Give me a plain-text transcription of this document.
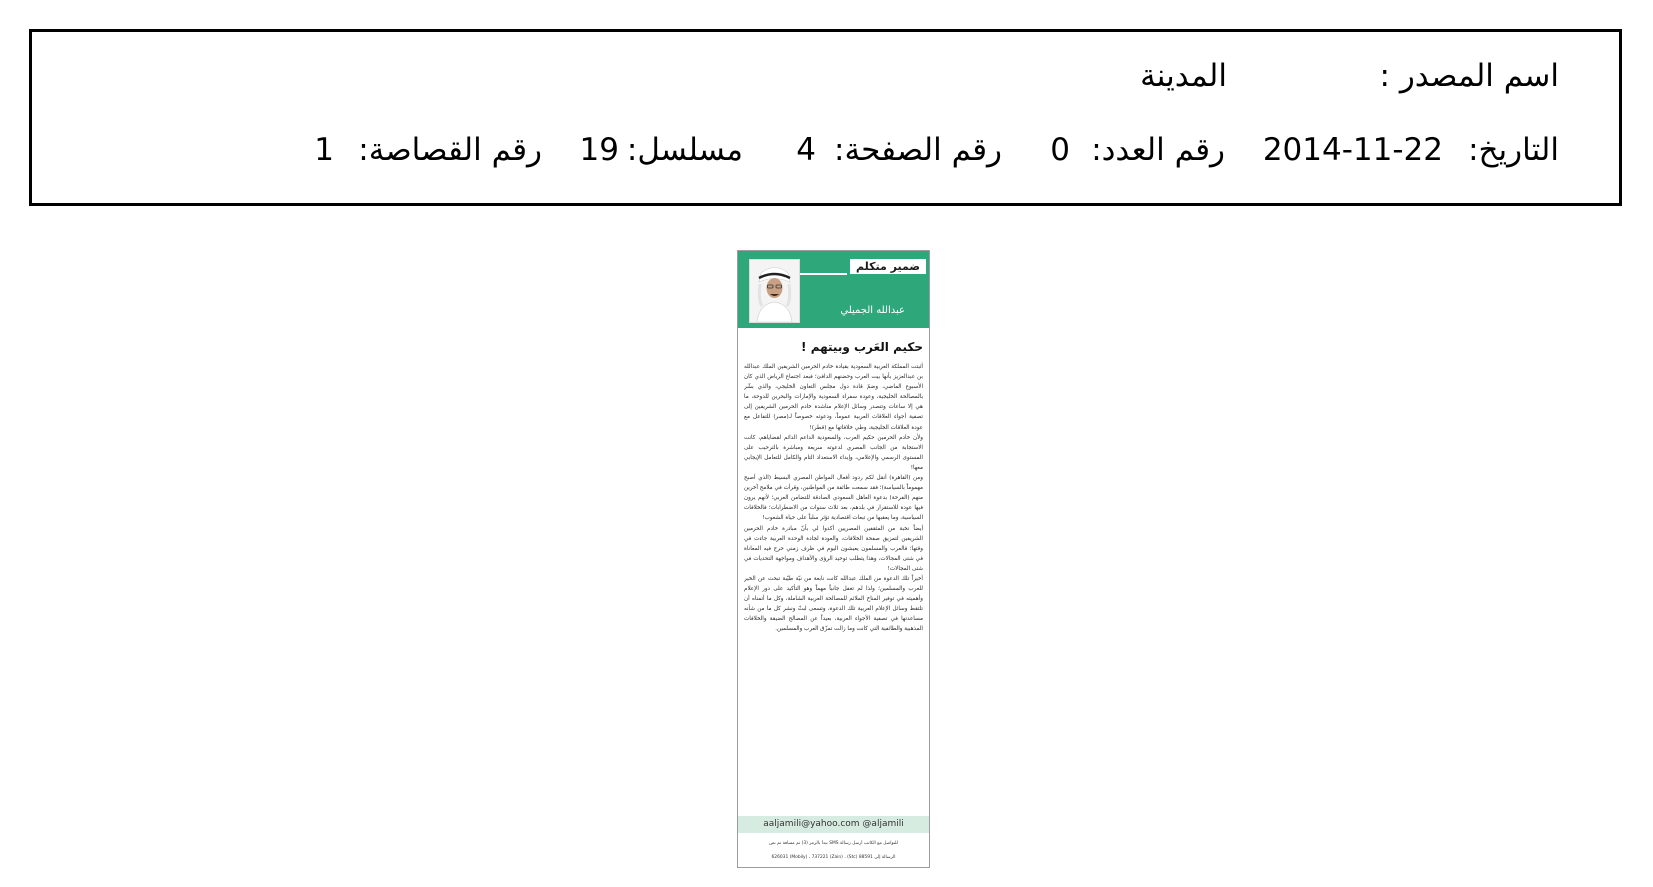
اسم المصدر :
المدينة
التاريخ:
2014-11-22
رقم العدد:
0
رقم الصفحة:
4
مسلسل:
19
رقم القصاصة:
1
ضمير متكلم
عبدالله الجميلي
حكيم العَرب وبيتهم !

أثبتت المملكة العربية السعودية بقيادة خادم الحرمين الشريفين الملك عبدالله بن عبدالعزيز بأنها بيت العرب وحضنهم الدافئ؛ فبعد اجتماع الرياض الذي كان الأسبوع الماضي، وضمّ قادة دول مجلس التعاون الخليجي، والذي بشّر بالمصالحة الخليجية، وعودة سفراء السعودية والإمارات والبحرين للدوحة، ما هي إلا ساعات وتتصدر وسائل الإعلام مناشدة خادم الحرمين الشريفين إلى تصفية أجواء العلاقات العربية عموماً، ودعوته خصوصاً لـ(مصر) للتفاعل مع عودة العلاقات الخليجية، وطي خلافاتها مع (قطر)!

ولأن خادم الحرمين حكيم العرب، والسعودية الداعم الدائم لقضاياهم، كانت الاستجابة من الجانب المصري لدعوته سريعة ومباشرة بالترحيب على المستوى الرسمي والإعلامي، وإبداء الاستعداد التام والكامل للتعامل الإيجابي معها!

ومن (القاهرة) أنقل لكم ردود أفعال المواطن المصري البسيط (الذي أصبح مهموماً بالسياسة)؛ فقد سمعت طائفة من المواطنين، وقرأت في ملامح آخرين منهم (الفرحة) بدعوة العاهل السعودي الصادقة للتضامن العربي؛ لأنهم يرون فيها عودة للاستقرار في بلدهم، بعد ثلاث سنوات من الاضطرابات؛ فالخلافات السياسية، وما يعقبها من تبعات اقتصادية تؤثر سلباً على حياة الشعوب!

أيضاً نخبة من المثقفين المصريين أكدوا لي بأنّ مبادرة خادم الحرمين الشريفين لتمزيق صفحة الخلافات، والعودة لجادة الوحدة العربية جاءت في وقتها؛ فالعرب والمسلمون يعيشون اليوم في ظرف زمني حرج فيه المعاناة في شتى المجالات، وهذا يتطلب توحيد الرؤى والأهداف ومواجهة التحديات في شتى المجالات!

أخيراً تلك الدعوة من الملك عبدالله كانت نابعة من نيّة طيّبة تبحث عن الخير للعرب والمسلمين؛ ولذا لم تغفل جانباً مهماً وهو التأكيد على دور الإعلام وأهميته في توفير المناخ الملائم للمصالحة العربية الشاملة، وكل ما أتمناه أن تلتقط وسائل الإعلام العربية تلك الدعوة، وتسعى لبثّ ونشر كل ما من شأنه مساعدتها في تصفية الأجواء العربية، بعيداً عن المصالح الضيقة والخلافات المذهبية والطائفية التي كانت وما زالت تمزّق العرب والمسلمين.

aaljamili@yahoo.com @aljamili
للتواصل مع الكاتب أرسل رسالة SMS تبدأ بالرمز (3) ثم مسافة ثم نص
الرسالة إلى 88591 (Stc) ، 626031 (Mobily) ، 737221 (Zain)
